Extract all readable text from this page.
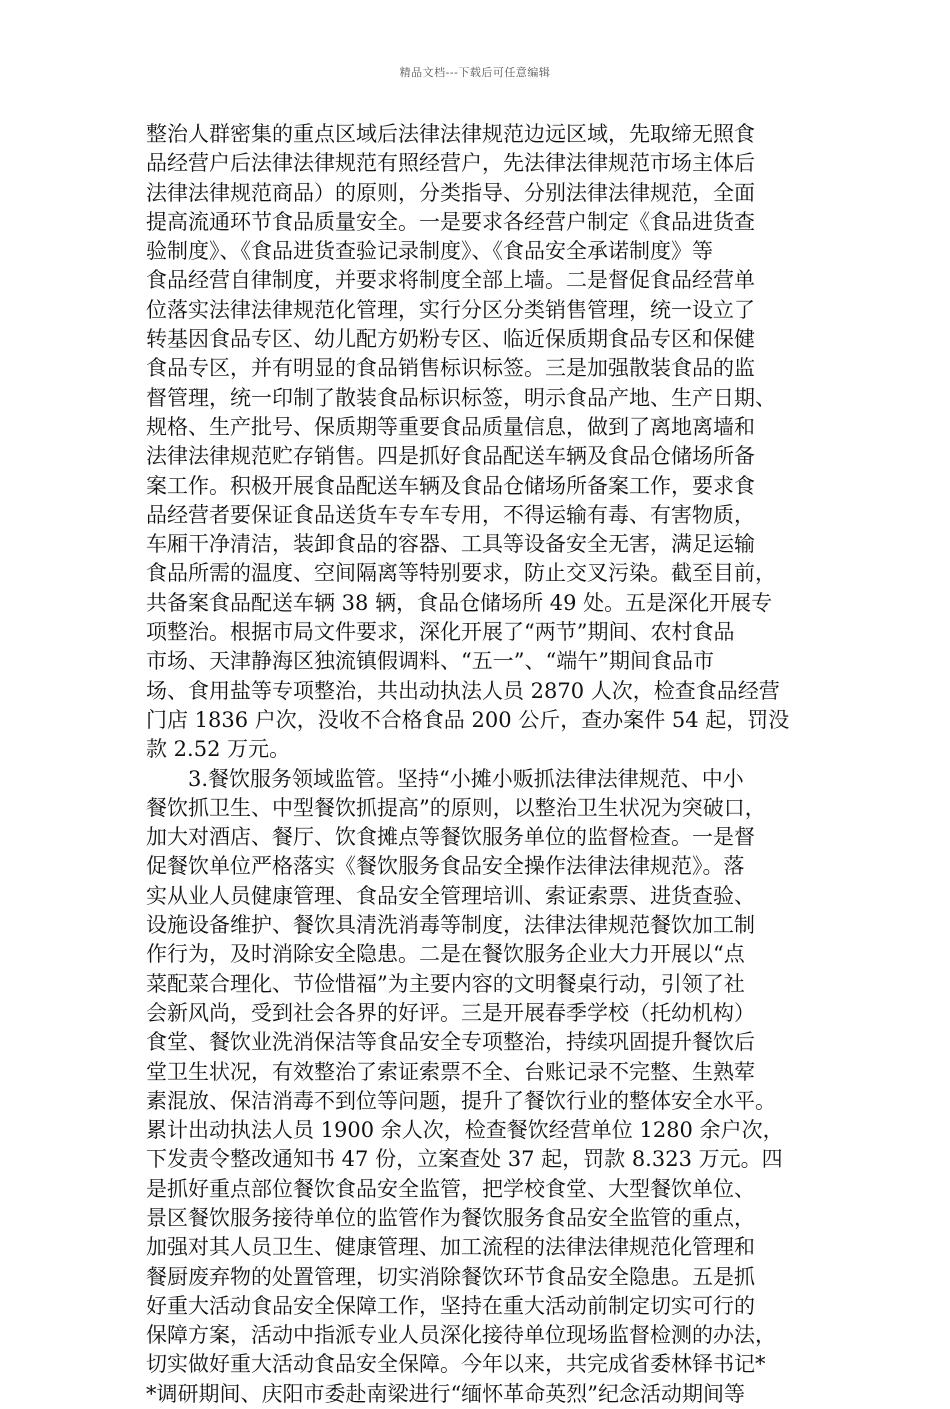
精品文档---下载后可任意编辑
整治人群密集的重点区域后法律法律规范边远区域，先取缔无照食
品经营户后法律法律规范有照经营户，先法律法律规范市场主体后
法律法律规范商品）的原则，分类指导、分别法律法律规范，全面
提高流通环节食品质量安全。一是要求各经营户制定《食品进货查
验制度》、《食品进货查验记录制度》、《食品安全承诺制度》等
食品经营自律制度，并要求将制度全部上墙。二是督促食品经营单
位落实法律法律规范化管理，实行分区分类销售管理，统一设立了
转基因食品专区、幼儿配方奶粉专区、临近保质期食品专区和保健
食品专区，并有明显的食品销售标识标签。三是加强散装食品的监
督管理，统一印制了散装食品标识标签，明示食品产地、生产日期、
规格、生产批号、保质期等重要食品质量信息，做到了离地离墙和
法律法律规范贮存销售。四是抓好食品配送车辆及食品仓储场所备
案工作。积极开展食品配送车辆及食品仓储场所备案工作，要求食
品经营者要保证食品送货车专车专用，不得运输有毒、有害物质，
车厢干净清洁，装卸食品的容器、工具等设备安全无害，满足运输
食品所需的温度、空间隔离等特别要求，防止交叉污染。截至目前，
共备案食品配送车辆 38 辆，食品仓储场所 49 处。五是深化开展专
项整治。根据市局文件要求，深化开展了“两节”期间、农村食品
市场、天津静海区独流镇假调料、“五一”、“端午”期间食品市
场、食用盐等专项整治，共出动执法人员 2870 人次，检查食品经营
门店 1836 户次，没收不合格食品 200 公斤，查办案件 54 起，罚没
款 2.52 万元。
3.餐饮服务领域监管。坚持“小摊小贩抓法律法律规范、中小
餐饮抓卫生、中型餐饮抓提高”的原则，以整治卫生状况为突破口，
加大对酒店、餐厅、饮食摊点等餐饮服务单位的监督检查。一是督
促餐饮单位严格落实《餐饮服务食品安全操作法律法律规范》。落
实从业人员健康管理、食品安全管理培训、索证索票、进货查验、
设施设备维护、餐饮具清洗消毒等制度，法律法律规范餐饮加工制
作行为，及时消除安全隐患。二是在餐饮服务企业大力开展以“点
菜配菜合理化、节俭惜福”为主要内容的文明餐桌行动，引领了社
会新风尚，受到社会各界的好评。三是开展春季学校（托幼机构）
食堂、餐饮业洗消保洁等食品安全专项整治，持续巩固提升餐饮后
堂卫生状况，有效整治了索证索票不全、台账记录不完整、生熟荤
素混放、保洁消毒不到位等问题，提升了餐饮行业的整体安全水平。
累计出动执法人员 1900 余人次，检查餐饮经营单位 1280 余户次，
下发责令整改通知书 47 份，立案查处 37 起，罚款 8.323 万元。四
是抓好重点部位餐饮食品安全监管，把学校食堂、大型餐饮单位、
景区餐饮服务接待单位的监管作为餐饮服务食品安全监管的重点，
加强对其人员卫生、健康管理、加工流程的法律法律规范化管理和
餐厨废弃物的处置管理，切实消除餐饮环节食品安全隐患。五是抓
好重大活动食品安全保障工作，坚持在重大活动前制定切实可行的
保障方案，活动中指派专业人员深化接待单位现场监督检测的办法，
切实做好重大活动食品安全保障。今年以来，共完成省委林铎书记*
*调研期间、庆阳市委赴南梁进行“缅怀革命英烈”纪念活动期间等
